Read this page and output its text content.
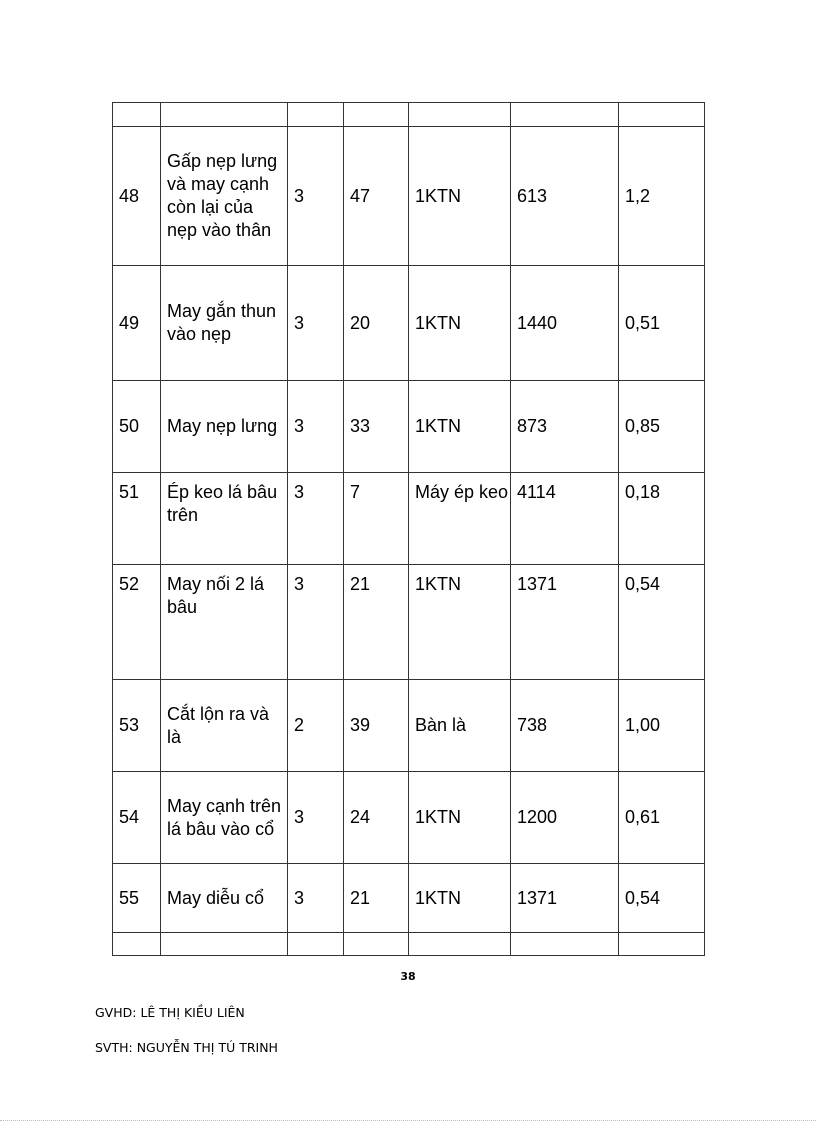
48	Gấp nẹp lưng và may cạnh còn lại của nẹp vào thân	3	47	1KTN	613	1,2
49	May gắn thun vào nẹp	3	20	1KTN	1440	0,51
50	May nẹp lưng	3	33	1KTN	873	0,85
51	Ép keo lá bâu trên	3	7	Máy ép keo	4114	0,18
52	May nối 2 lá bâu	3	21	1KTN	1371	0,54
53	Cắt lộn ra và là	2	39	Bàn là	738	1,00
54	May cạnh trên lá bâu vào cổ	3	24	1KTN	1200	0,61
55	May diễu cổ	3	21	1KTN	1371	0,54

38
GVHD: LÊ THỊ KIỀU LIÊN
SVTH: NGUYỄN THỊ TÚ TRINH
